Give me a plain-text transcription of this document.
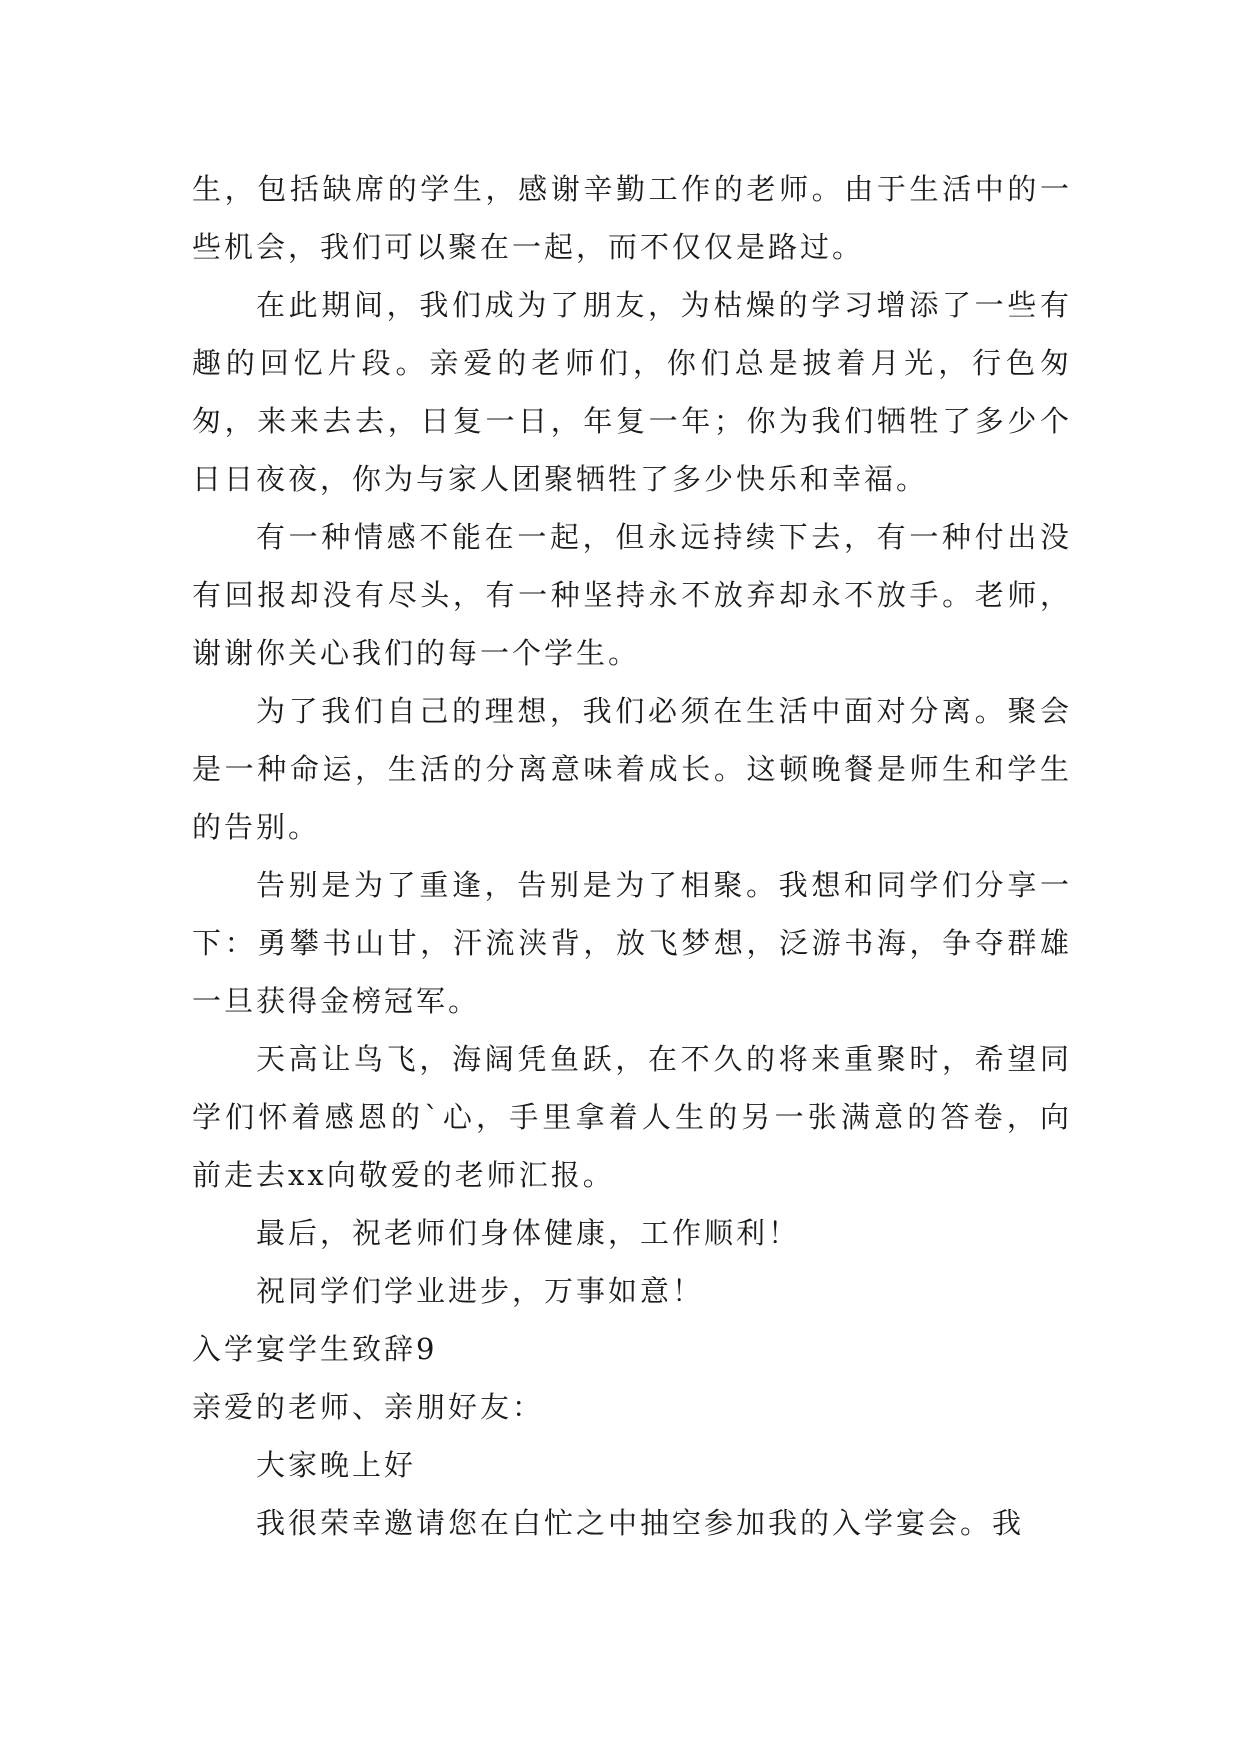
生，包括缺席的学生，感谢辛勤工作的老师。由于生活中的一些机会，我们可以聚在一起，而不仅仅是路过。

在此期间，我们成为了朋友，为枯燥的学习增添了一些有趣的回忆片段。亲爱的老师们，你们总是披着月光，行色匆匆，来来去去，日复一日，年复一年；你为我们牺牲了多少个日日夜夜，你为与家人团聚牺牲了多少快乐和幸福。

有一种情感不能在一起，但永远持续下去，有一种付出没有回报却没有尽头，有一种坚持永不放弃却永不放手。老师，谢谢你关心我们的每一个学生。

为了我们自己的理想，我们必须在生活中面对分离。聚会是一种命运，生活的分离意味着成长。这顿晚餐是师生和学生的告别。

告别是为了重逢，告别是为了相聚。我想和同学们分享一下：勇攀书山甘，汗流浃背，放飞梦想，泛游书海，争夺群雄一旦获得金榜冠军。

天高让鸟飞，海阔凭鱼跃，在不久的将来重聚时，希望同学们怀着感恩的`心，手里拿着人生的另一张满意的答卷，向前走去xx向敬爱的老师汇报。

最后，祝老师们身体健康，工作顺利！

祝同学们学业进步，万事如意！

入学宴学生致辞9

亲爱的老师、亲朋好友：

大家晚上好

我很荣幸邀请您在白忙之中抽空参加我的入学宴会。我
